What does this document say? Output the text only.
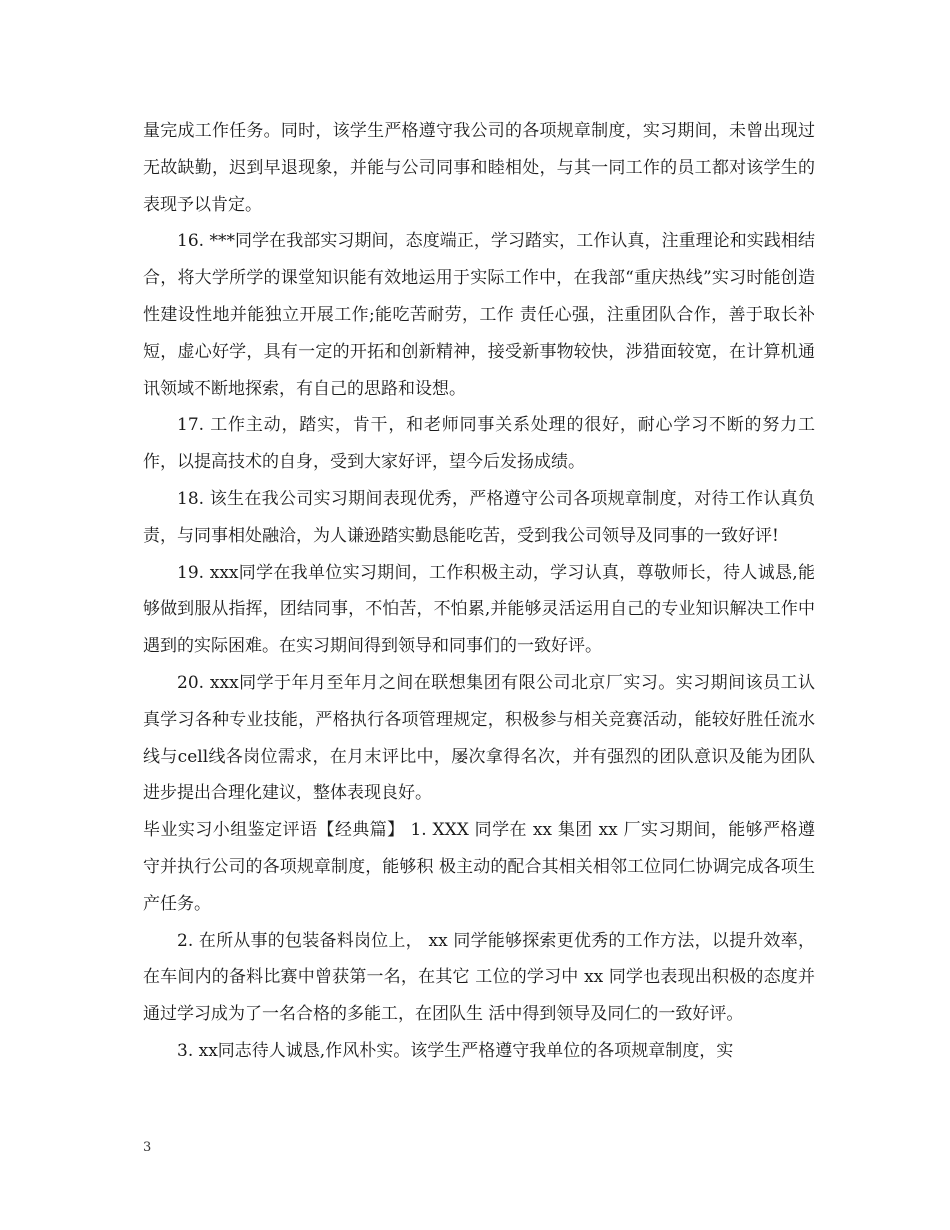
量完成工作任务。同时，该学生严格遵守我公司的各项规章制度，实习期间，未曾出现过无故缺勤，迟到早退现象，并能与公司同事和睦相处，与其一同工作的员工都对该学生的表现予以肯定。

16. ***同学在我部实习期间，态度端正，学习踏实，工作认真，注重理论和实践相结合，将大学所学的课堂知识能有效地运用于实际工作中，在我部“重庆热线”实习时能创造性建设性地并能独立开展工作;能吃苦耐劳，工作 责任心强，注重团队合作，善于取长补短，虚心好学，具有一定的开拓和创新精神，接受新事物较快，涉猎面较宽，在计算机通讯领域不断地探索，有自己的思路和设想。

17. 工作主动，踏实，肯干，和老师同事关系处理的很好，耐心学习不断的努力工作，以提高技术的自身，受到大家好评，望今后发扬成绩。

18. 该生在我公司实习期间表现优秀，严格遵守公司各项规章制度，对待工作认真负责，与同事相处融洽，为人谦逊踏实勤恳能吃苦，受到我公司领导及同事的一致好评!

19. xxx同学在我单位实习期间，工作积极主动，学习认真，尊敬师长，待人诚恳,能够做到服从指挥，团结同事，不怕苦，不怕累,并能够灵活运用自己的专业知识解决工作中遇到的实际困难。在实习期间得到领导和同事们的一致好评。

20. xxx同学于年月至年月之间在联想集团有限公司北京厂实习。实习期间该员工认真学习各种专业技能，严格执行各项管理规定，积极参与相关竞赛活动，能较好胜任流水线与cell线各岗位需求，在月末评比中，屡次拿得名次，并有强烈的团队意识及能为团队进步提出合理化建议，整体表现良好。

毕业实习小组鉴定评语【经典篇】 1. XXX 同学在 xx 集团 xx 厂实习期间，能够严格遵守并执行公司的各项规章制度，能够积 极主动的配合其相关相邻工位同仁协调完成各项生产任务。

2. 在所从事的包装备料岗位上， xx 同学能够探索更优秀的工作方法，以提升效率，在车间内的备料比赛中曾获第一名，在其它 工位的学习中 xx 同学也表现出积极的态度并通过学习成为了一名合格的多能工，在团队生 活中得到领导及同仁的一致好评。

3. xx同志待人诚恳,作风朴实。该学生严格遵守我单位的各项规章制度，实

3
